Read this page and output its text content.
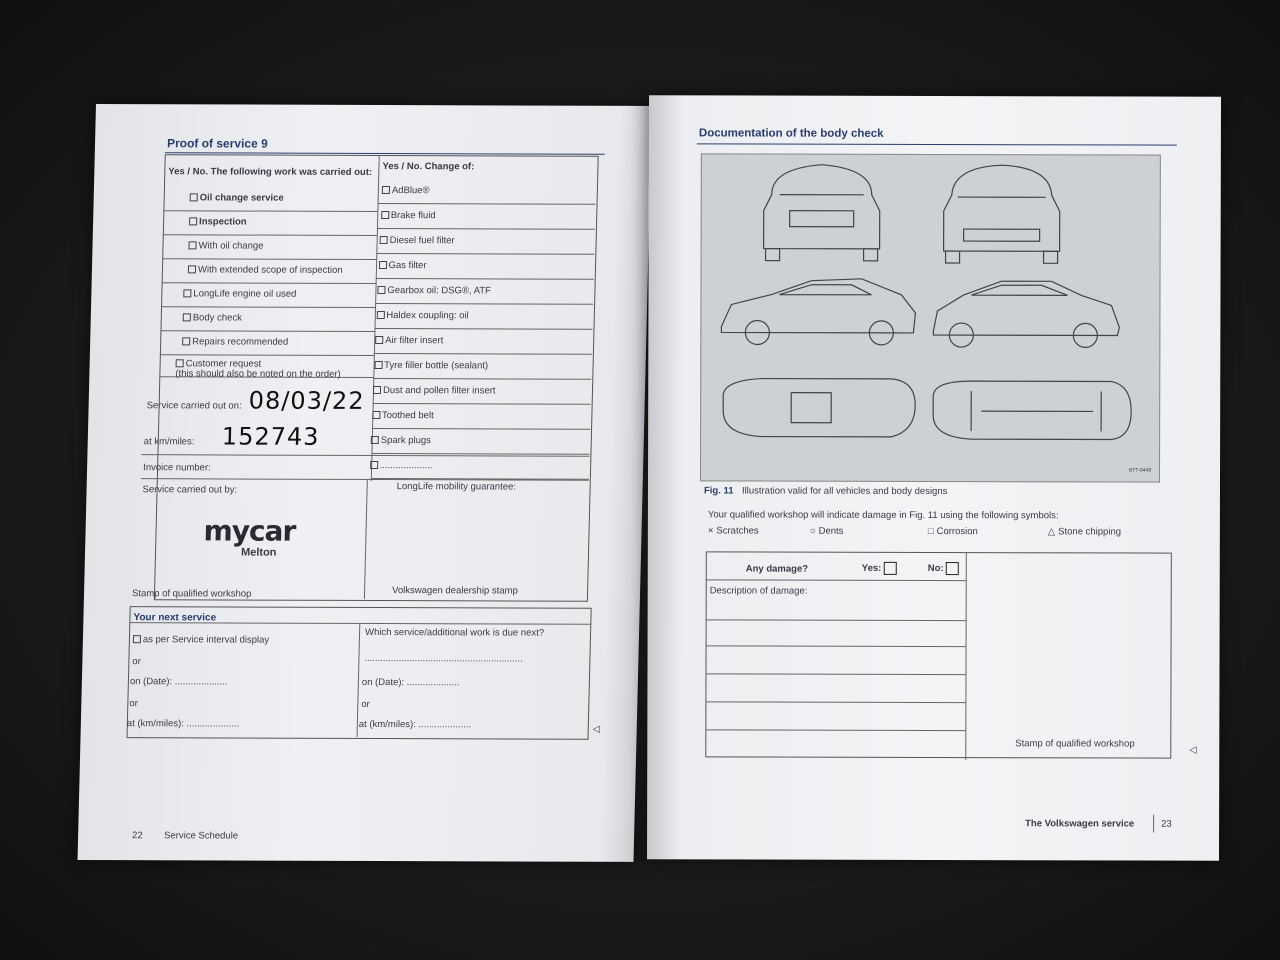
Proof of service 9
Yes / No. The following work was carried out: Yes / No. Change of:
Oil change service
Inspection
With oil change
With extended scope of inspection
LongLife engine oil used
Body check
Repairs recommended
Customer request
(this should also be noted on the order)
AdBlue®
Brake fluid
Diesel fuel filter
Gas filter
Gearbox oil: DSG®, ATF
Haldex coupling: oil
Air filter insert
Tyre filler bottle (sealant)
Dust and pollen filter insert
Toothed belt
Spark plugs
....................
Service carried out on: 08/03/22
at km/miles: 152743
Invoice number:
Service carried out by:	LongLife mobility guarantee:
mycar
Melton
Stamp of qualified workshop	Volkswagen dealership stamp
Your next service
as per Service interval display
or
on (Date): ....................
or
at (km/miles): ....................
Which service/additional work is due next?
............................................................
on (Date): ....................
or
at (km/miles): ....................	◁
22 Service Schedule
Documentation of the body check
BTT-0449
Fig. 11 Illustration valid for all vehicles and body designs
Your qualified workshop will indicate damage in Fig. 11 using the following symbols:
× Scratches	○ Dents	□ Corrosion	△ Stone chipping
Any damage?	Yes:	No:
Description of damage:
Stamp of qualified workshop
◁
The Volkswagen service	23
